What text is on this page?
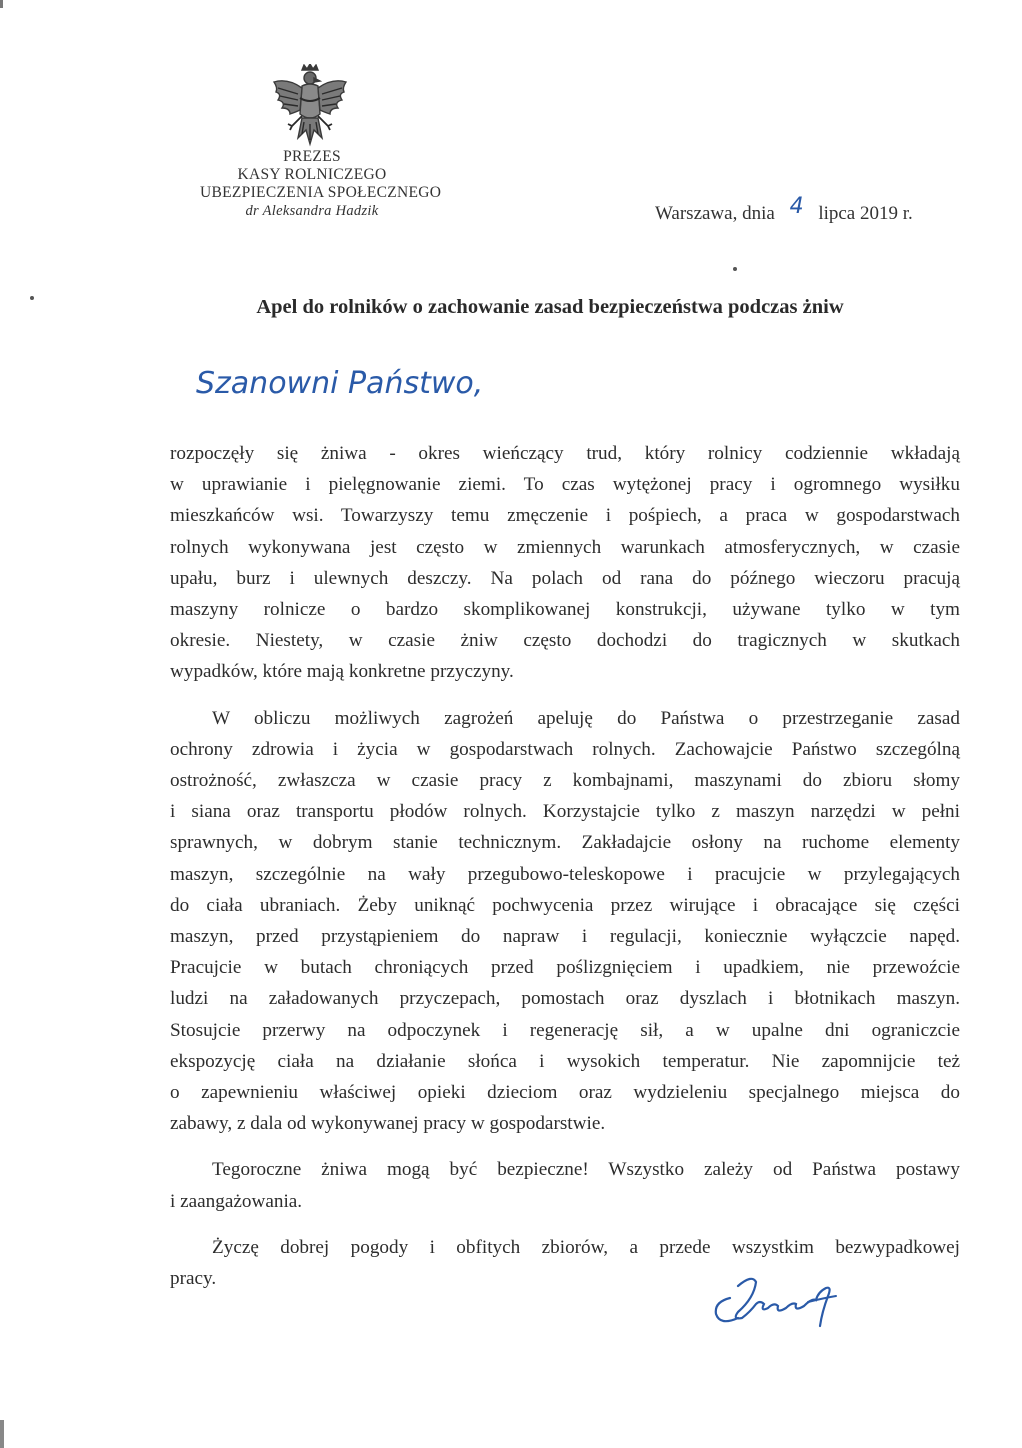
PREZES
KASY ROLNICZEGO
UBEZPIECZENIA SPOŁECZNEGO
dr Aleksandra Hadzik	Warszawa, dnia 4 lipca 2019 r.
Apel do rolników o zachowanie zasad bezpieczeństwa podczas żniw
Szanowni Państwo,

rozpoczęły się żniwa - okres wieńczący trud, który rolnicy codziennie wkładają
w uprawianie i pielęgnowanie ziemi. To czas wytężonej pracy i ogromnego wysiłku
mieszkańców wsi. Towarzyszy temu zmęczenie i pośpiech, a praca w gospodarstwach
rolnych wykonywana jest często w zmiennych warunkach atmosferycznych, w czasie
upału, burz i ulewnych deszczy. Na polach od rana do późnego wieczoru pracują
maszyny rolnicze o bardzo skomplikowanej konstrukcji, używane tylko w tym
okresie. Niestety, w czasie żniw często dochodzi do tragicznych w skutkach
wypadków, które mają konkretne przyczyny.

W obliczu możliwych zagrożeń apeluję do Państwa o przestrzeganie zasad
ochrony zdrowia i życia w gospodarstwach rolnych. Zachowajcie Państwo szczególną
ostrożność, zwłaszcza w czasie pracy z kombajnami, maszynami do zbioru słomy
i siana oraz transportu płodów rolnych. Korzystajcie tylko z maszyn narzędzi w pełni
sprawnych, w dobrym stanie technicznym. Zakładajcie osłony na ruchome elementy
maszyn, szczególnie na wały przegubowo-teleskopowe i pracujcie w przylegających
do ciała ubraniach. Żeby uniknąć pochwycenia przez wirujące i obracające się części
maszyn, przed przystąpieniem do napraw i regulacji, koniecznie wyłączcie napęd.
Pracujcie w butach chroniących przed poślizgnięciem i upadkiem, nie przewoźcie
ludzi na załadowanych przyczepach, pomostach oraz dyszlach i błotnikach maszyn.
Stosujcie przerwy na odpoczynek i regenerację sił, a w upalne dni ograniczcie
ekspozycję ciała na działanie słońca i wysokich temperatur. Nie zapomnijcie też
o zapewnieniu właściwej opieki dzieciom oraz wydzieleniu specjalnego miejsca do
zabawy, z dala od wykonywanej pracy w gospodarstwie.

Tegoroczne żniwa mogą być bezpieczne! Wszystko zależy od Państwa postawy
i zaangażowania.

Życzę dobrej pogody i obfitych zbiorów, a przede wszystkim bezwypadkowej
pracy.
